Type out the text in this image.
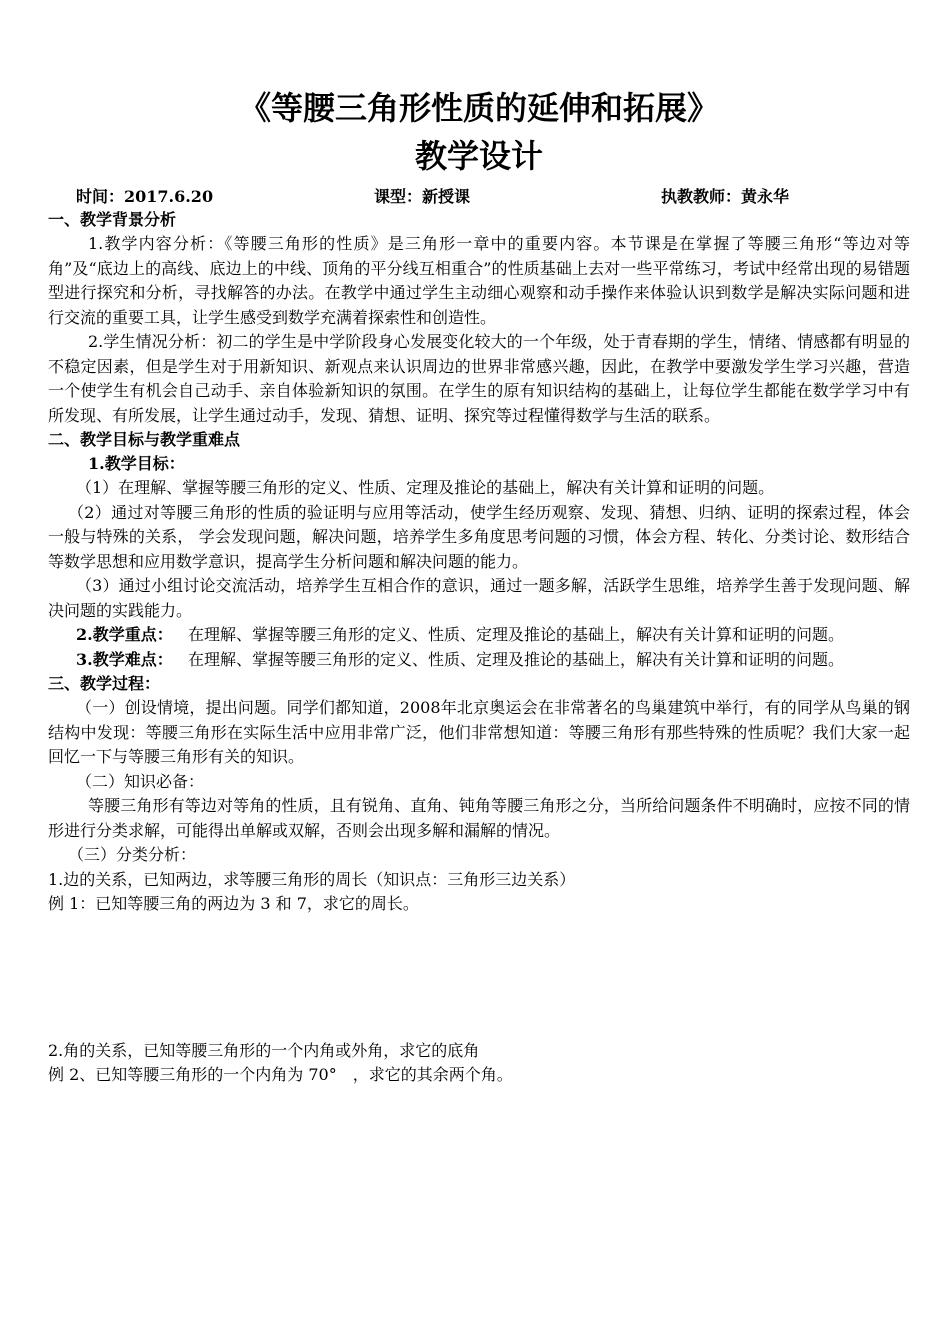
《等腰三角形性质的延伸和拓展》
教学设计
时间：2017.6.20	课型：新授课	执教教师：黄永华

一、教学背景分析

1.教学内容分析：《等腰三角形的性质》是三角形一章中的重要内容。本节课是在掌握了等腰三角形“等边对等角”及“底边上的高线、底边上的中线、顶角的平分线互相重合”的性质基础上去对一些平常练习，考试中经常出现的易错题型进行探究和分析，寻找解答的办法。在教学中通过学生主动细心观察和动手操作来体验认识到数学是解决实际问题和进行交流的重要工具，让学生感受到数学充满着探索性和创造性。

2.学生情况分析：初二的学生是中学阶段身心发展变化较大的一个年级，处于青春期的学生，情绪、情感都有明显的不稳定因素，但是学生对于用新知识、新观点来认识周边的世界非常感兴趣，因此，在教学中要激发学生学习兴趣，营造一个使学生有机会自己动手、亲自体验新知识的氛围。在学生的原有知识结构的基础上，让每位学生都能在数学学习中有所发现、有所发展，让学生通过动手，发现、猜想、证明、探究等过程懂得数学与生活的联系。

二、教学目标与教学重难点

1.教学目标：

（1）在理解、掌握等腰三角形的定义、性质、定理及推论的基础上，解决有关计算和证明的问题。

（2）通过对等腰三角形的性质的验证明与应用等活动，使学生经历观察、发现、猜想、归纳、证明的探索过程，体会一般与特殊的关系， 学会发现问题，解决问题，培养学生多角度思考问题的习惯，体会方程、转化、分类讨论、数形结合等数学思想和应用数学意识，提高学生分析问题和解决问题的能力。

（3）通过小组讨论交流活动，培养学生互相合作的意识，通过一题多解，活跃学生思维，培养学生善于发现问题、解决问题的实践能力。

2.教学重点： 在理解、掌握等腰三角形的定义、性质、定理及推论的基础上，解决有关计算和证明的问题。

3.教学难点： 在理解、掌握等腰三角形的定义、性质、定理及推论的基础上，解决有关计算和证明的问题。

三、教学过程：

（一）创设情境，提出问题。同学们都知道，2008年北京奥运会在非常著名的鸟巢建筑中举行，有的同学从鸟巢的钢结构中发现：等腰三角形在实际生活中应用非常广泛，他们非常想知道：等腰三角形有那些特殊的性质呢？我们大家一起回忆一下与等腰三角形有关的知识。

（二）知识必备：

等腰三角形有等边对等角的性质，且有锐角、直角、钝角等腰三角形之分，当所给问题条件不明确时，应按不同的情形进行分类求解，可能得出单解或双解，否则会出现多解和漏解的情况。

（三）分类分析：

1.边的关系，已知两边，求等腰三角形的周长（知识点：三角形三边关系）

例 1：已知等腰三角的两边为 3 和 7，求它的周长。

2.角的关系，已知等腰三角形的一个内角或外角，求它的底角

例 2、已知等腰三角形的一个内角为 70°　，求它的其余两个角。
